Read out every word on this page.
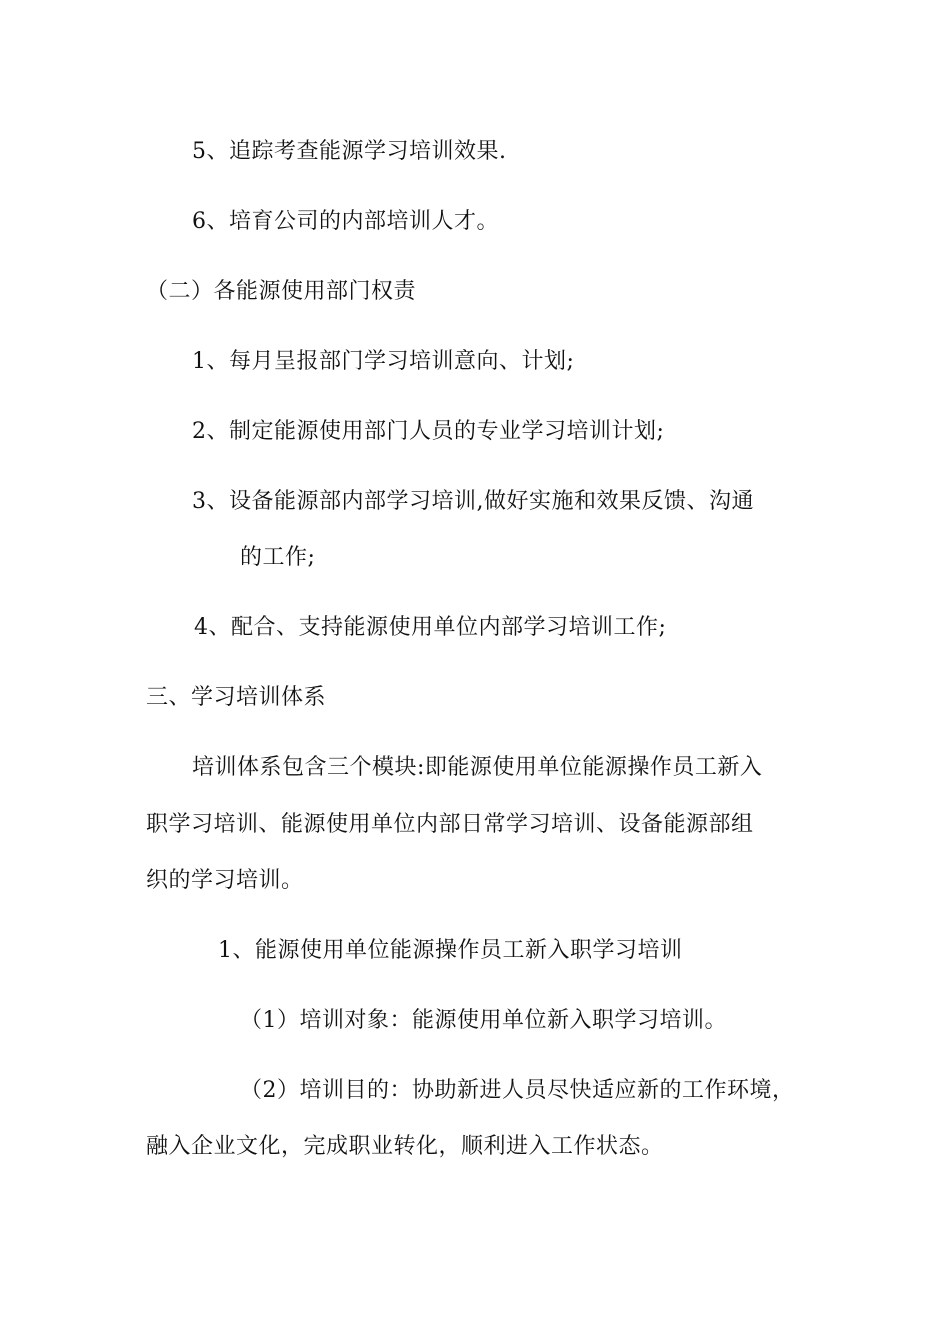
5、追踪考查能源学习培训效果.
6、培育公司的内部培训人才。
（二）各能源使用部门权责
1、每月呈报部门学习培训意向、计划;
2、制定能源使用部门人员的专业学习培训计划;
3、设备能源部内部学习培训,做好实施和效果反馈、沟通
的工作;
4、配合、支持能源使用单位内部学习培训工作;
三、学习培训体系
培训体系包含三个模块:即能源使用单位能源操作员工新入
职学习培训、能源使用单位内部日常学习培训、设备能源部组
织的学习培训。
1、能源使用单位能源操作员工新入职学习培训
（1）培训对象：能源使用单位新入职学习培训。
（2）培训目的：协助新进人员尽快适应新的工作环境，
融入企业文化，完成职业转化，顺利进入工作状态。
